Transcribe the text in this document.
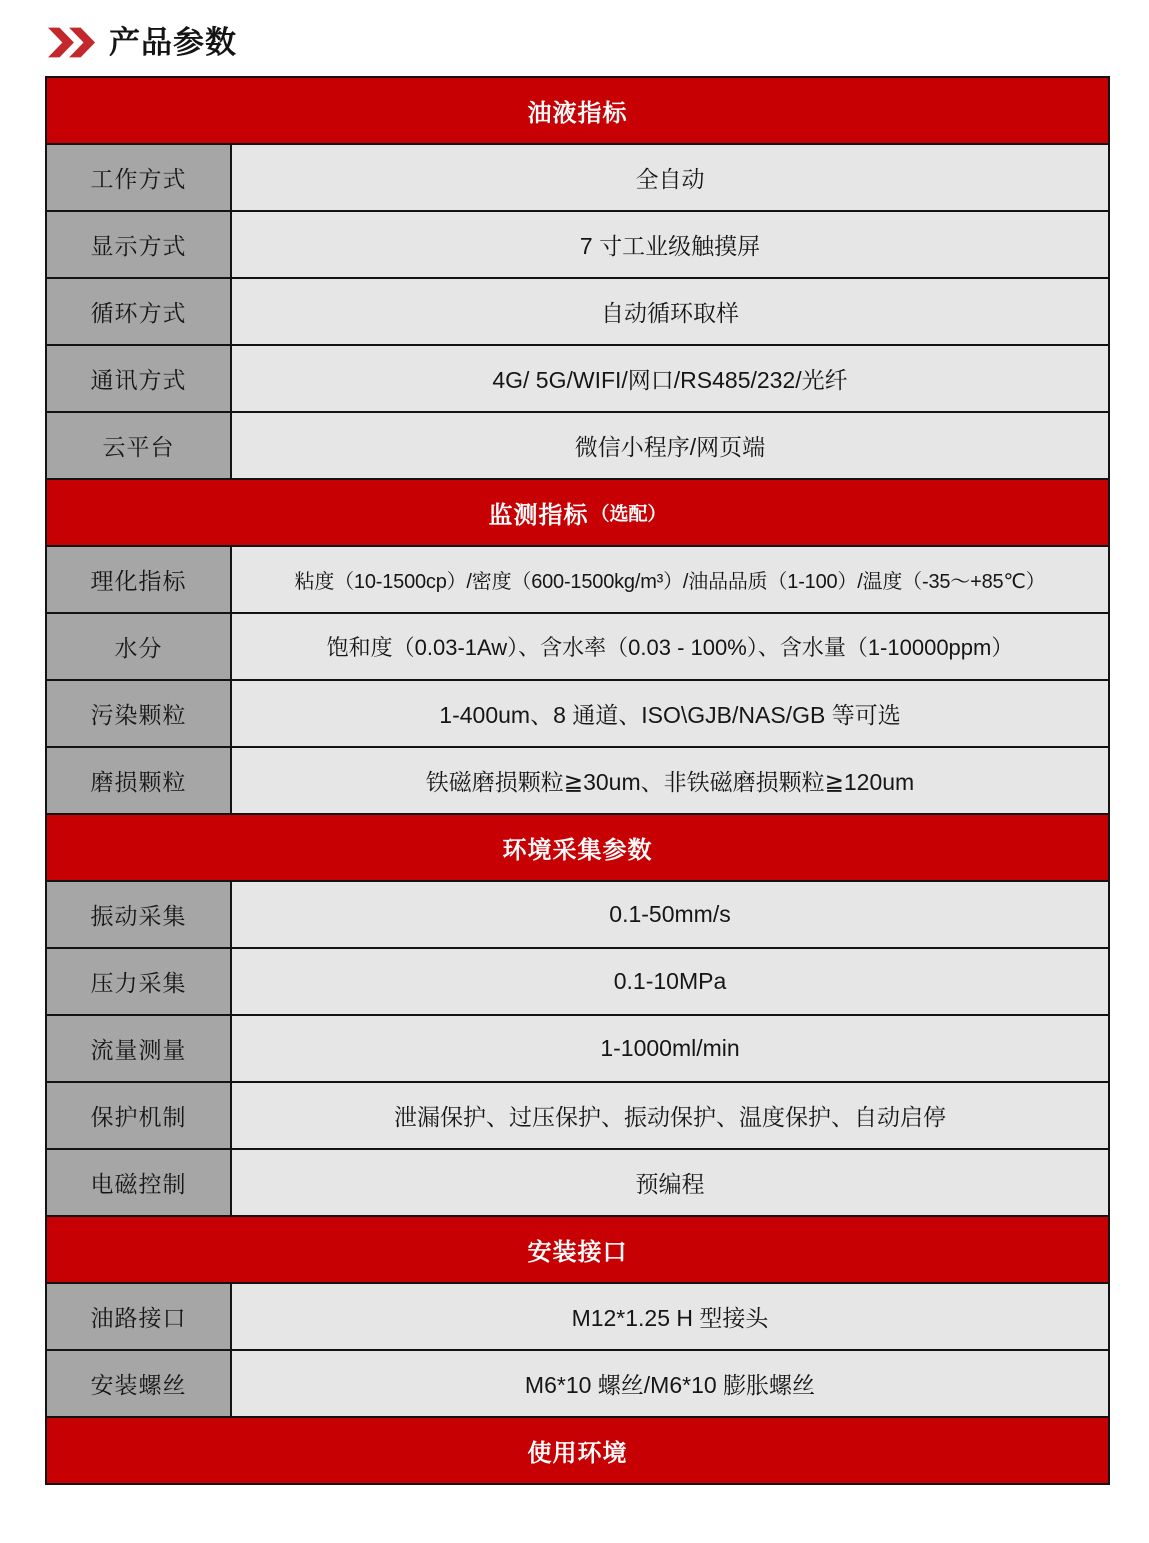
产品参数
油液指标
工作方式	全自动
显示方式	7 寸工业级触摸屏
循环方式	自动循环取样
通讯方式	4G/ 5G/WIFI/网口/RS485/232/光纤
云平台	微信小程序/网页端
监测指标 （选配）
理化指标	粘度（10-1500cp）/密度（600-1500kg/m³）/油品品质（1-100）/温度（-35～+85℃）
水分	饱和度（0.03-1Aw）、含水率（0.03 - 100%）、含水量（1-10000ppm）
污染颗粒	1-400um、8 通道、ISO\GJB/NAS/GB 等可选
磨损颗粒	铁磁磨损颗粒≧30um、非铁磁磨损颗粒≧120um
环境采集参数
振动采集	0.1-50mm/s
压力采集	0.1-10MPa
流量测量	1-1000ml/min
保护机制	泄漏保护、过压保护、振动保护、温度保护、自动启停
电磁控制	预编程
安装接口
油路接口	M12*1.25 H 型接头
安装螺丝	M6*10 螺丝/M6*10 膨胀螺丝
使用环境
